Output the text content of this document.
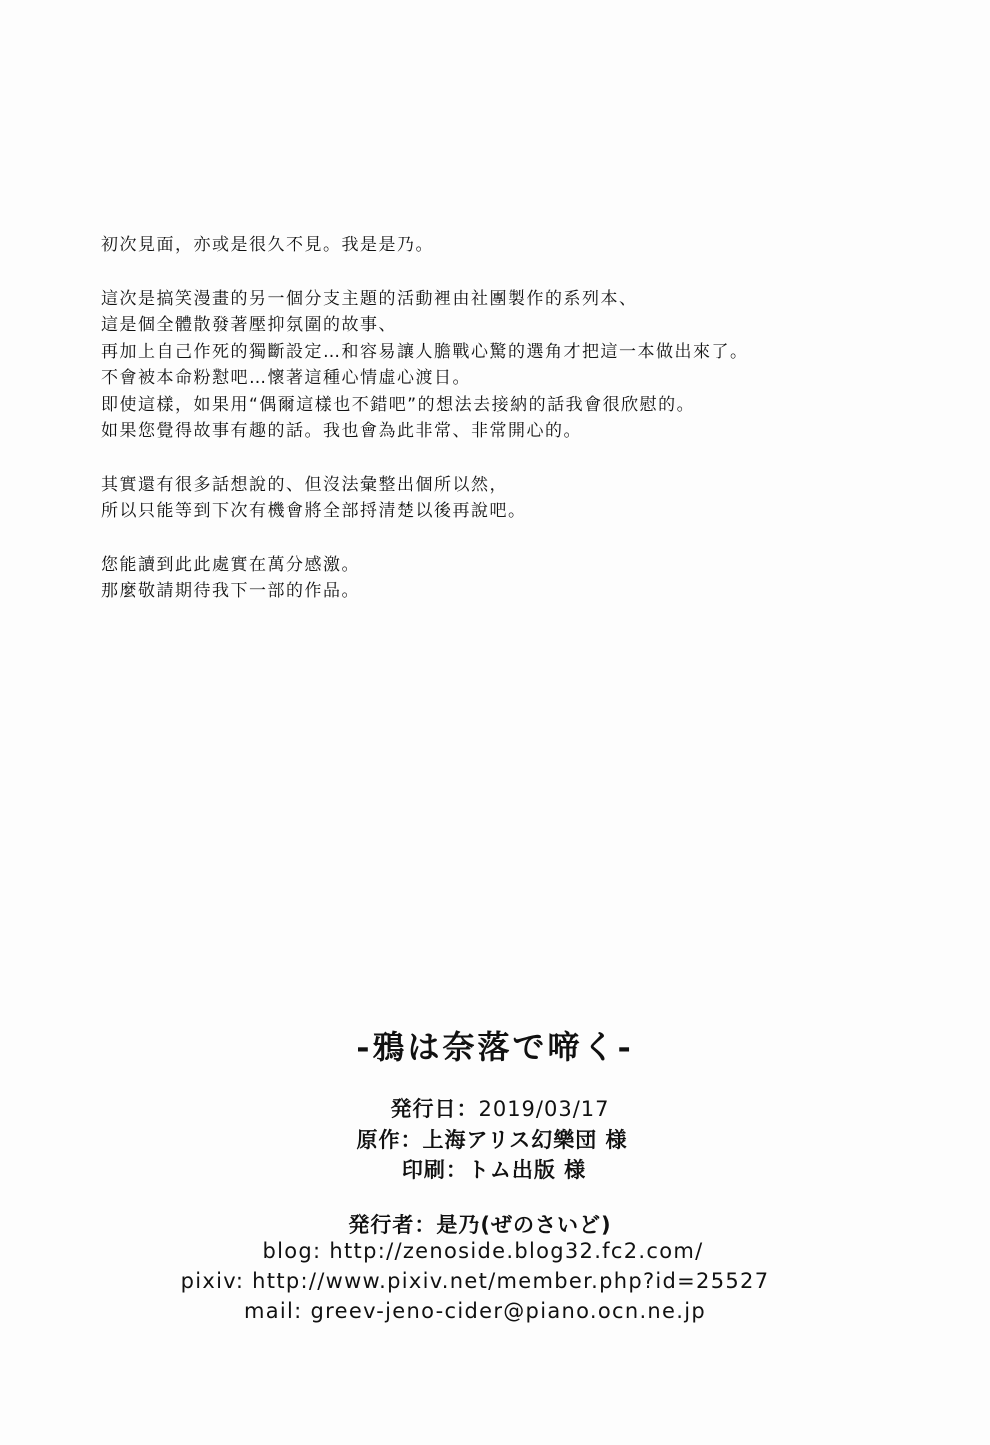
初次見面，亦或是很久不見。我是是乃。
這次是搞笑漫畫的另一個分支主題的活動裡由社團製作的系列本、
這是個全體散發著壓抑氛圍的故事、
再加上自己作死的獨斷設定…和容易讓人膽戰心驚的選角才把這一本做出來了。
不會被本命粉懟吧…懷著這種心情虛心渡日。
即使這樣，如果用“偶爾這樣也不錯吧”的想法去接納的話我會很欣慰的。
如果您覺得故事有趣的話。我也會為此非常、非常開心的。
其實還有很多話想說的、但沒法彙整出個所以然，
所以只能等到下次有機會將全部捋清楚以後再說吧。
您能讀到此此處實在萬分感激。
那麼敬請期待我下一部的作品。
-鴉は奈落で啼く-
発行日：2019/03/17
原作：上海アリス幻樂団 様
印刷：トム出版 様
発行者：是乃(ぜのさいど)
blog: http://zenoside.blog32.fc2.com/
pixiv: http://www.pixiv.net/member.php?id=25527
mail: greev-jeno-cider@piano.ocn.ne.jp
